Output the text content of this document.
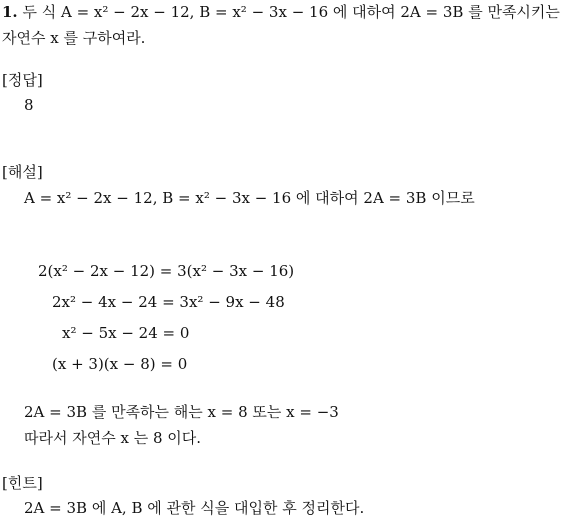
1. 두 식 A = x² − 2x − 12, B = x² − 3x − 16 에 대하여 2A = 3B 를 만족시키는
자연수 x 를 구하여라.
[정답]
8
[해설]
A = x² − 2x − 12, B = x² − 3x − 16 에 대하여 2A = 3B 이므로
2(x² − 2x − 12) = 3(x² − 3x − 16)
2x² − 4x − 24 = 3x² − 9x − 48
x² − 5x − 24 = 0
(x + 3)(x − 8) = 0
2A = 3B 를 만족하는 해는 x = 8 또는 x = −3
따라서 자연수 x 는 8 이다.
[힌트]
2A = 3B 에 A, B 에 관한 식을 대입한 후 정리한다.
